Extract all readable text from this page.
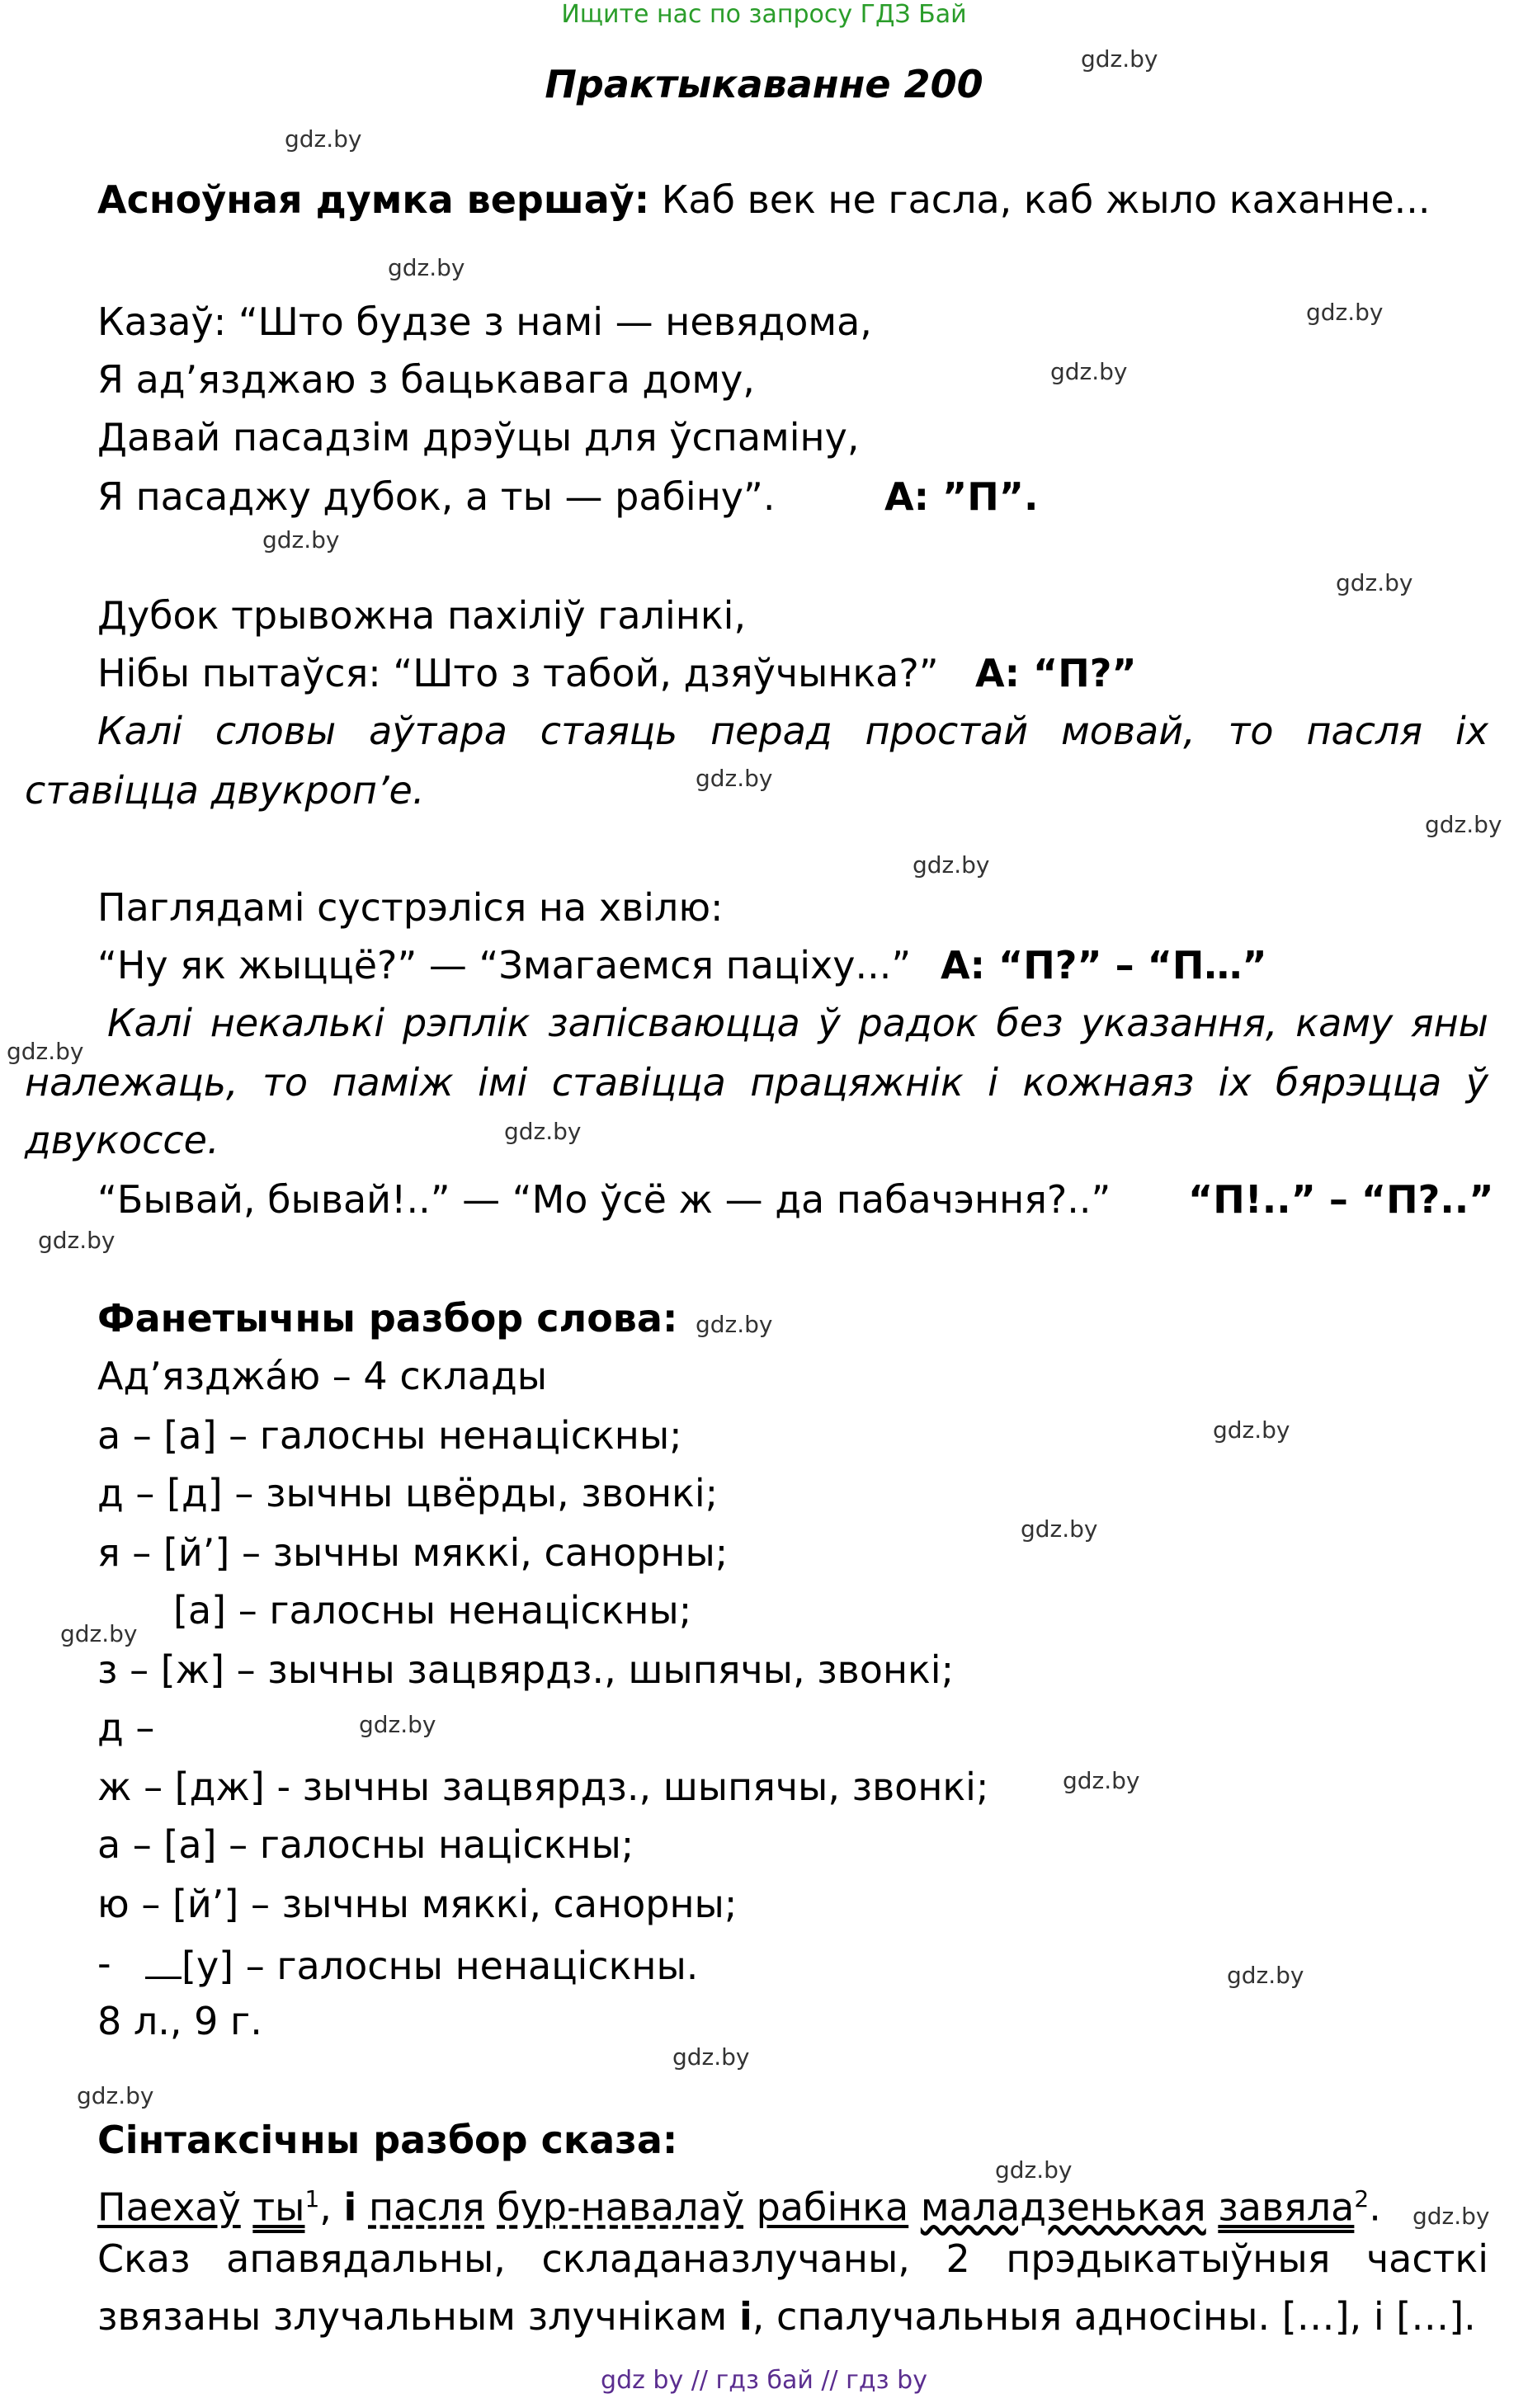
Ищите нас по запросу ГДЗ Бай
Практыкаванне 200
Асноўная думка вершаў: Каб век не гасла, каб жыло каханне...
Казаў: “Што будзе з намі — невядома,
Я ад’язджаю з бацькавага дому,
Давай пасадзім дрэўцы для ўспаміну,
Я пасаджу дубок, а ты — рабіну”.	А: ”П”.
Дубок трывожна пахіліў галінкі,
Нібы пытаўся: “Што з табой, дзяўчынка?” А: “П?”
Калі словы аўтара стаяць перад простай мовай, то пасля іх
ставіцца двукроп’е.
Паглядамі сустрэліся на хвілю:
“Ну як жыццё?” — “Змагаемся паціху...” А: “П?” – “П…”
Калі некалькі рэплік запісваюцца ў радок без указання, каму яны
належаць, то паміж імі ставіцца працяжнік і кожнаяз іх бярэцца ў
двукоссе.
“Бывай, бывай!..” — “Мо ўсё ж — да пабачэння?..” “П!..” – “П?..”
Фанетычны разбор слова:
Ад’язджа́ю – 4 склады
а – [а] – галосны ненацiскны;
д – [д] – зычны цвёрды, звонкі;
я – [й’] – зычны мяккі, санорны;
[а] – галосны ненацiскны;
з – [ж] – зычны зацвярдз., шыпячы, звонкі;
д –
ж – [дж] - зычны зацвярдз., шыпячы, звонкі;
а – [а] – галосны нацiскны;
ю – [й’] – зычны мяккі, санорны;
-	[у] – галосны ненацiскны.
8 л., 9 г.
Сінтаксічны разбор сказа:
Паехаў $ты^1$, і пасля бур-навалаў рабінка маладзенькая завяла$^2$.
Сказ апавядальны, складаназлучаны, 2 прэдыкатыўныя часткі
звязаны злучальным злучнікам і, спалучальныя адносіны. […], і […].
gdz.by
gdz.by
gdz.by
gdz.by
gdz.by
gdz.by
gdz.by
gdz.by
gdz.by
gdz.by
gdz.by
gdz.by
gdz.by
gdz.by
gdz.by
gdz.by
gdz.by
gdz.by
gdz.by
gdz.by
gdz.by
gdz.by
gdz.by
gdz.by
gdz by // гдз бай // гдз by
